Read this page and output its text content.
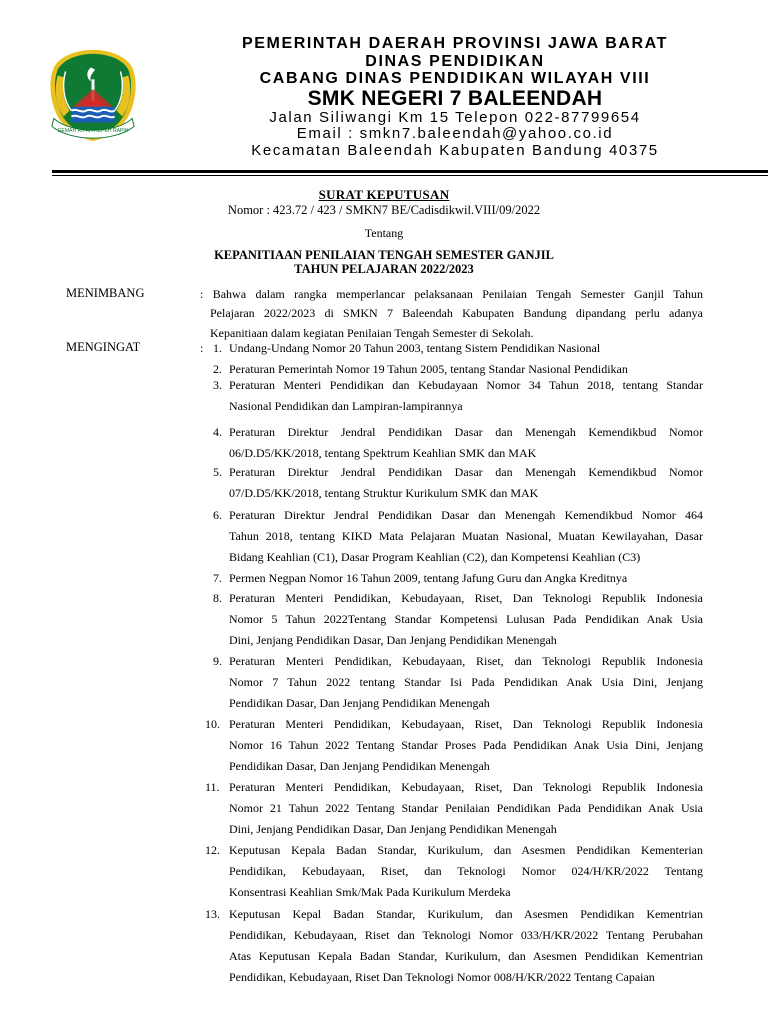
GEMAH RIPAH REPEH RAPIH
PEMERINTAH DAERAH PROVINSI JAWA BARAT
DINAS PENDIDIKAN
CABANG DINAS PENDIDIKAN WILAYAH VIII
SMK NEGERI 7 BALEENDAH
Jalan Siliwangi Km 15 Telepon 022-87799654
Email : smkn7.baleendah@yahoo.co.id
Kecamatan Baleendah Kabupaten Bandung 40375
SURAT KEPUTUSAN
Nomor : 423.72 / 423 / SMKN7 BE/Cadisdikwil.VIII/09/2022
Tentang
KEPANITIAAN PENILAIAN TENGAH SEMESTER GANJIL
TAHUN PELAJARAN 2022/2023
MENIMBANG	: Bahwa dalam rangka memperlancar pelaksanaan Penilaian Tengah Semester Ganjil Tahun
Pelajaran 2022/2023 di SMKN 7 Baleendah Kabupaten Bandung dipandang perlu adanya
Kepanitiaan dalam kegiatan Penilaian Tengah Semester di Sekolah.
MENGINGAT	: 1. Undang-Undang Nomor 20 Tahun 2003, tentang Sistem Pendidikan Nasional
2. Peraturan Pemerintah Nomor 19 Tahun 2005, tentang Standar Nasional Pendidikan
3. Peraturan Menteri Pendidikan dan Kebudayaan Nomor 34 Tahun 2018, tentang Standar
Nasional Pendidikan dan Lampiran-lampirannya
4. Peraturan Direktur Jendral Pendidikan Dasar dan Menengah Kemendikbud Nomor
06/D.D5/KK/2018, tentang Spektrum Keahlian SMK dan MAK
5. Peraturan Direktur Jendral Pendidikan Dasar dan Menengah Kemendikbud Nomor
07/D.D5/KK/2018, tentang Struktur Kurikulum SMK dan MAK
6. Peraturan Direktur Jendral Pendidikan Dasar dan Menengah Kemendikbud Nomor 464
Tahun 2018, tentang KIKD Mata Pelajaran Muatan Nasional, Muatan Kewilayahan, Dasar
Bidang Keahlian (C1), Dasar Program Keahlian (C2), dan Kompetensi Keahlian (C3)
7. Permen Negpan Nomor 16 Tahun 2009, tentang Jafung Guru dan Angka Kreditnya
8. Peraturan Menteri Pendidikan, Kebudayaan, Riset, Dan Teknologi Republik Indonesia
Nomor 5 Tahun 2022Tentang Standar Kompetensi Lulusan Pada Pendidikan Anak Usia
Dini, Jenjang Pendidikan Dasar, Dan Jenjang Pendidikan Menengah
9. Peraturan Menteri Pendidikan, Kebudayaan, Riset, dan Teknologi Republik Indonesia
Nomor 7 Tahun 2022 tentang Standar Isi Pada Pendidikan Anak Usia Dini, Jenjang
Pendidikan Dasar, Dan Jenjang Pendidikan Menengah
10. Peraturan Menteri Pendidikan, Kebudayaan, Riset, Dan Teknologi Republik Indonesia
Nomor 16 Tahun 2022 Tentang Standar Proses Pada Pendidikan Anak Usia Dini, Jenjang
Pendidikan Dasar, Dan Jenjang Pendidikan Menengah
11. Peraturan Menteri Pendidikan, Kebudayaan, Riset, Dan Teknologi Republik Indonesia
Nomor 21 Tahun 2022 Tentang Standar Penilaian Pendidikan Pada Pendidikan Anak Usia
Dini, Jenjang Pendidikan Dasar, Dan Jenjang Pendidikan Menengah
12. Keputusan Kepala Badan Standar, Kurikulum, dan Asesmen Pendidikan Kementerian
Pendidikan, Kebudayaan, Riset, dan Teknologi Nomor 024/H/KR/2022 Tentang
Konsentrasi Keahlian Smk/Mak Pada Kurikulum Merdeka
13. Keputusan Kepal Badan Standar, Kurikulum, dan Asesmen Pendidikan Kementrian
Pendidikan, Kebudayaan, Riset dan Teknologi Nomor 033/H/KR/2022 Tentang Perubahan
Atas Keputusan Kepala Badan Standar, Kurikulum, dan Asesmen Pendidikan Kementrian
Pendidikan, Kebudayaan, Riset Dan Teknologi Nomor 008/H/KR/2022 Tentang Capaian
